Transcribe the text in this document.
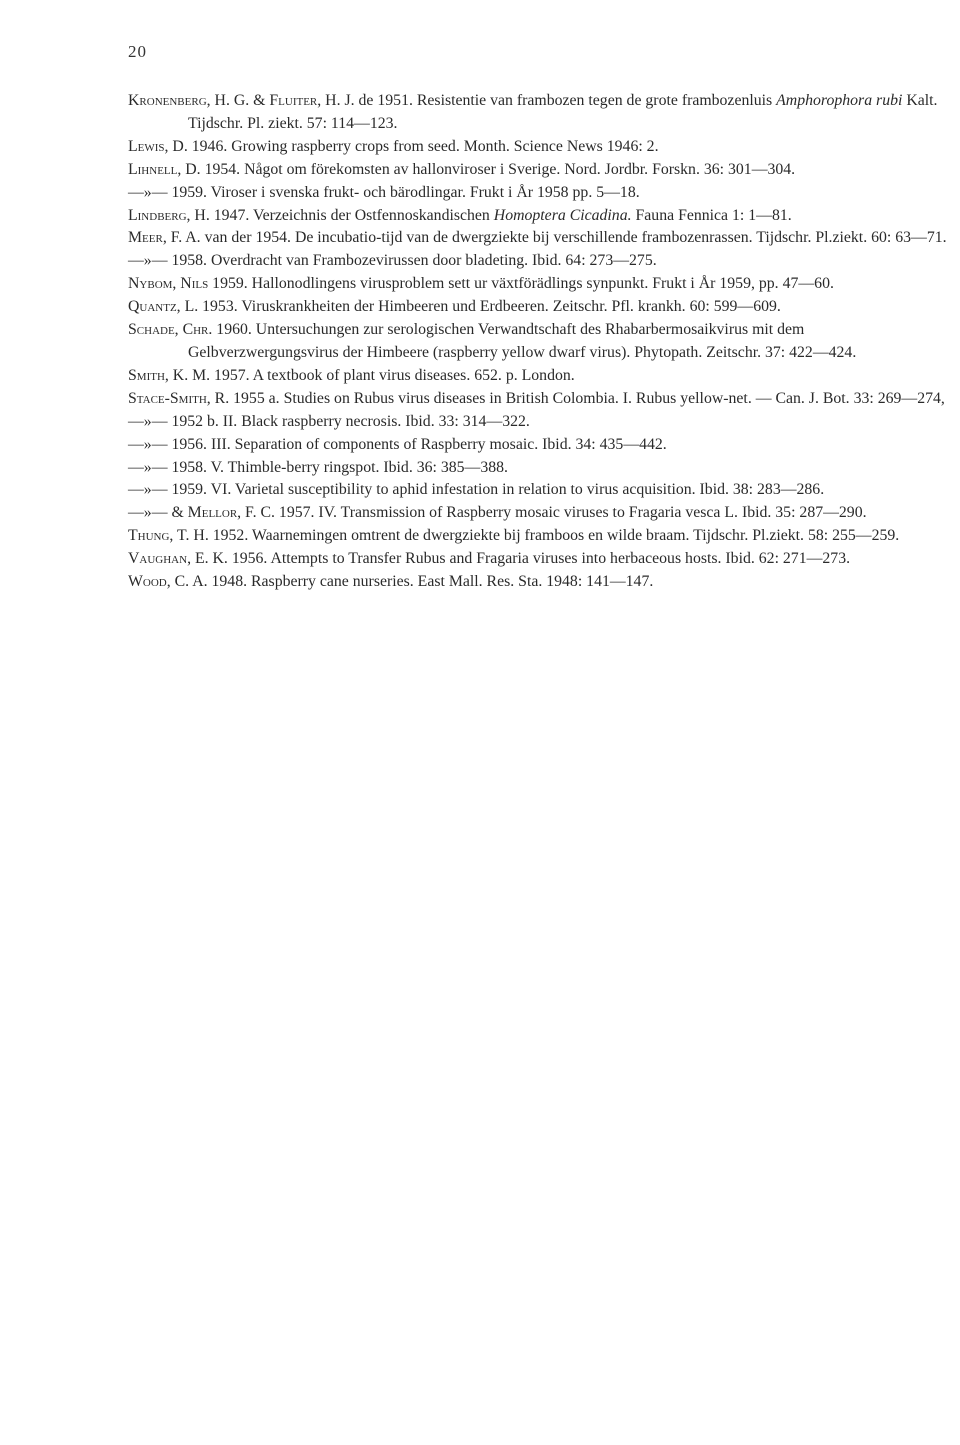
20

Kronenberg, H. G. & Fluiter, H. J. de 1951. Resistentie van frambozen tegen de grote frambozenluis Amphorophora rubi Kalt. Tijdschr. Pl. ziekt. 57: 114—123.

Lewis, D. 1946. Growing raspberry crops from seed. Month. Science News 1946: 2.

Lihnell, D. 1954. Något om förekomsten av hallonviroser i Sverige. Nord. Jordbr. Forskn. 36: 301—304.

—»— 1959. Viroser i svenska frukt- och bärodlingar. Frukt i År 1958 pp. 5—18.

Lindberg, H. 1947. Verzeichnis der Ostfennoskandischen Homoptera Cicadina. Fauna Fennica 1: 1—81.

Meer, F. A. van der 1954. De incubatio-tijd van de dwergziekte bij verschillende frambozenrassen. Tijdschr. Pl.ziekt. 60: 63—71.

—»— 1958. Overdracht van Frambozevirussen door bladeting. Ibid. 64: 273—275.

Nybom, Nils 1959. Hallonodlingens virusproblem sett ur växtförädlings synpunkt. Frukt i År 1959, pp. 47—60.

Quantz, L. 1953. Viruskrankheiten der Himbeeren und Erdbeeren. Zeitschr. Pfl. krankh. 60: 599—609.

Schade, Chr. 1960. Untersuchungen zur serologischen Verwandtschaft des Rhabarbermosaikvirus mit dem Gelbverzwergungsvirus der Himbeere (raspberry yellow dwarf virus). Phytopath. Zeitschr. 37: 422—424.

Smith, K. M. 1957. A textbook of plant virus diseases. 652. p. London.

Stace-Smith, R. 1955 a. Studies on Rubus virus diseases in British Colombia. I. Rubus yellow-net. — Can. J. Bot. 33: 269—274,

—»— 1952 b. II. Black raspberry necrosis. Ibid. 33: 314—322.

—»— 1956. III. Separation of components of Raspberry mosaic. Ibid. 34: 435—442.

—»— 1958. V. Thimble-berry ringspot. Ibid. 36: 385—388.

—»— 1959. VI. Varietal susceptibility to aphid infestation in relation to virus acquisition. Ibid. 38: 283—286.

—»— & Mellor, F. C. 1957. IV. Transmission of Raspberry mosaic viruses to Fragaria vesca L. Ibid. 35: 287—290.

Thung, T. H. 1952. Waarnemingen omtrent de dwergziekte bij framboos en wilde braam. Tijdschr. Pl.ziekt. 58: 255—259.

Vaughan, E. K. 1956. Attempts to Transfer Rubus and Fragaria viruses into herbaceous hosts. Ibid. 62: 271—273.

Wood, C. A. 1948. Raspberry cane nurseries. East Mall. Res. Sta. 1948: 141—147.
